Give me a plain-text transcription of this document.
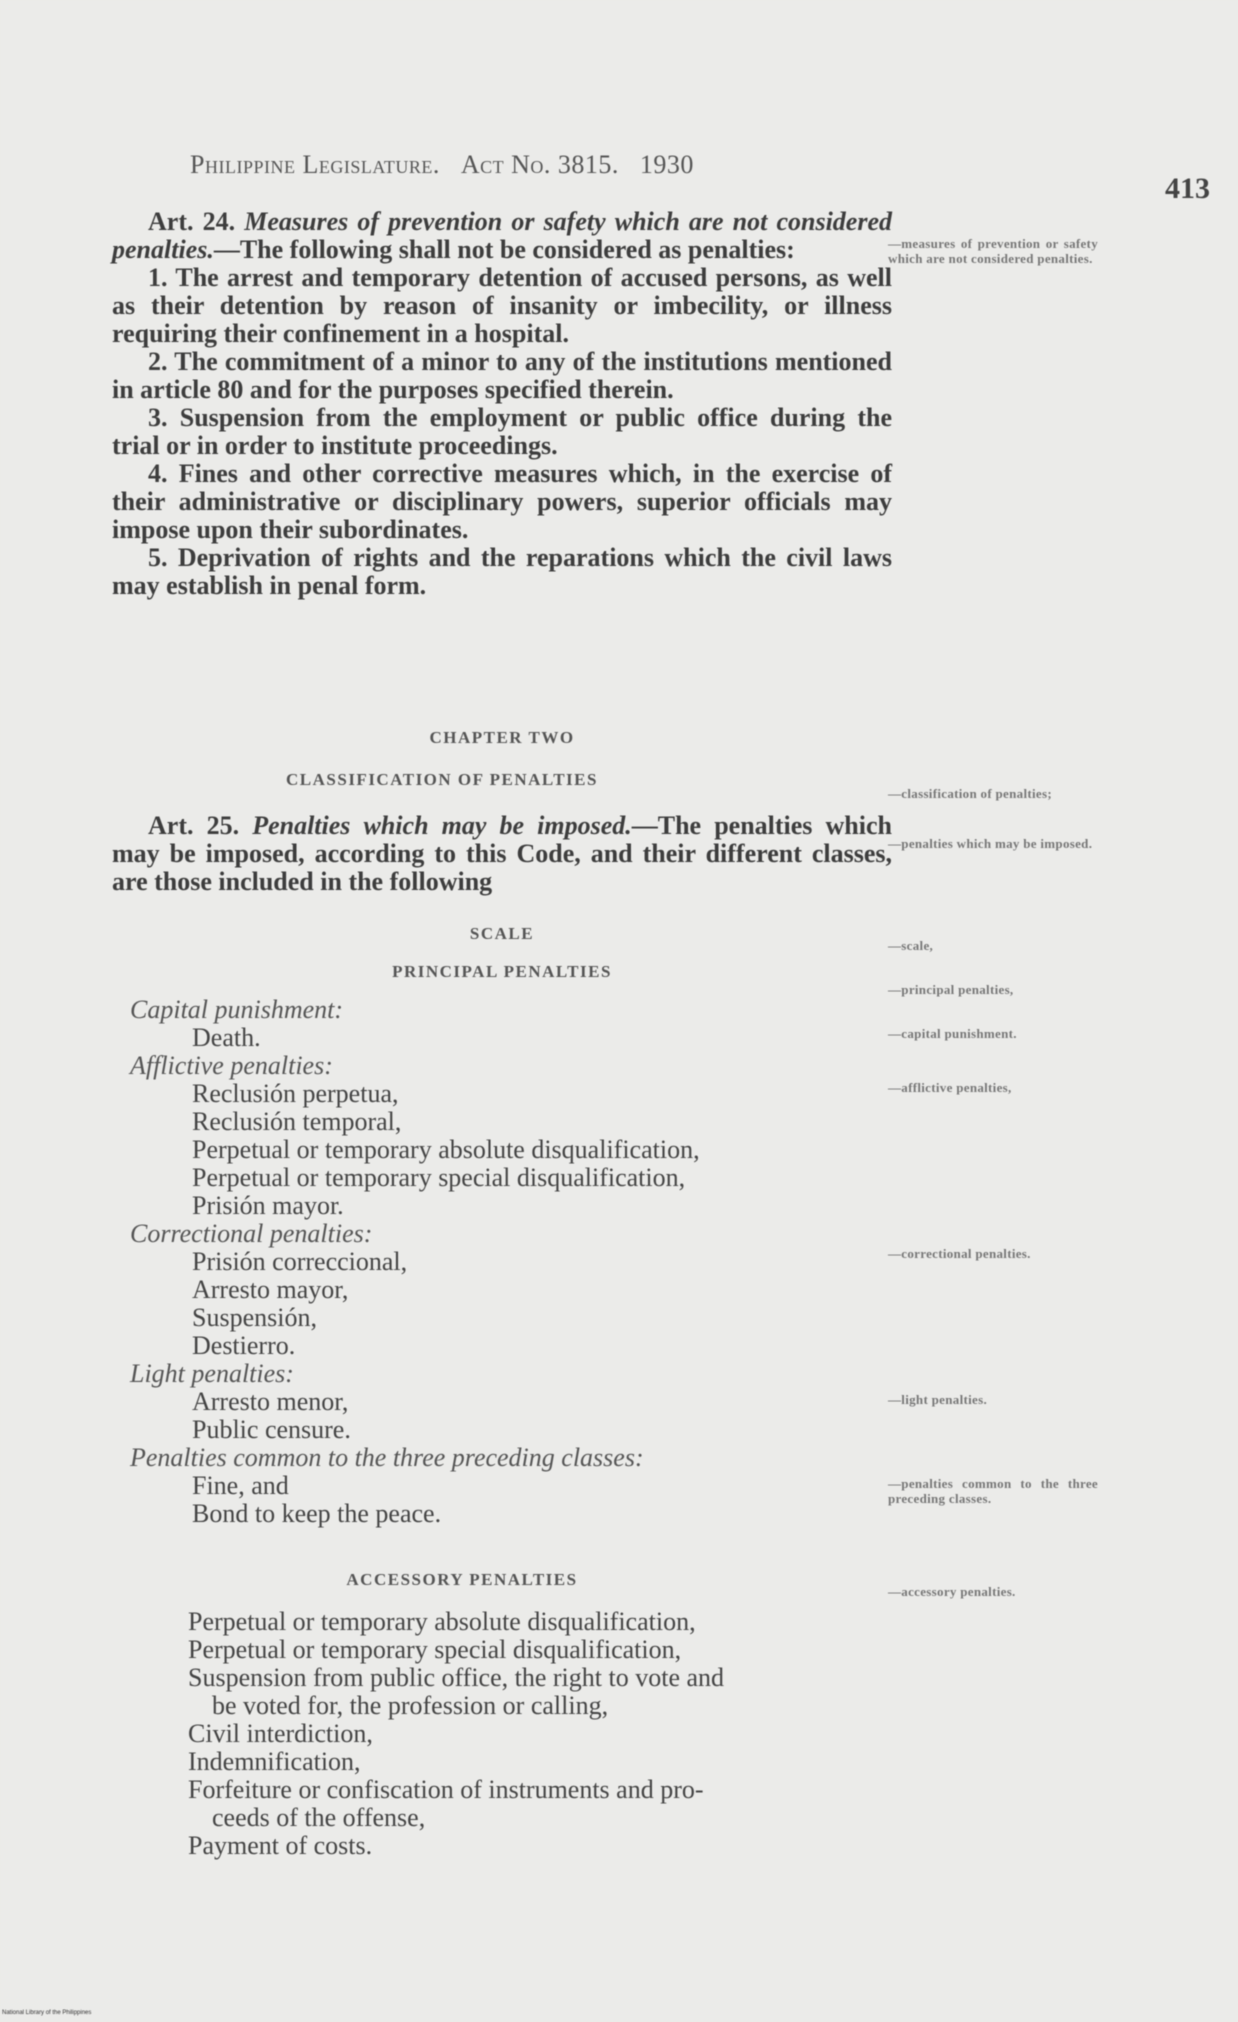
Philippine Legislature. Act No. 3815. 1930
413

Art. 24. Measures of prevention or safety which are not considered penalties.—The following shall not be considered as penalties:

1. The arrest and temporary detention of accused persons, as well as their detention by reason of insanity or imbecility, or illness requiring their confinement in a hospital.

2. The commitment of a minor to any of the institutions mentioned in article 80 and for the purposes specified therein.

3. Suspension from the employment or public office during the trial or in order to institute proceedings.

4. Fines and other corrective measures which, in the exercise of their administrative or disciplinary powers, superior officials may impose upon their subordinates.

5. Deprivation of rights and the reparations which the civil laws may establish in penal form.

CHAPTER TWO
CLASSIFICATION OF PENALTIES

Art. 25. Penalties which may be imposed.—The penalties which may be imposed, according to this Code, and their different classes, are those included in the following

SCALE
PRINCIPAL PENALTIES
Capital punishment:
Death.
Afflictive penalties:
Reclusión perpetua,
Reclusión temporal,
Perpetual or temporary absolute disqualification,
Perpetual or temporary special disqualification,
Prisión mayor.
Correctional penalties:
Prisión correccional,
Arresto mayor,
Suspensión,
Destierro.
Light penalties:
Arresto menor,
Public censure.
Penalties common to the three preceding classes:
Fine, and
Bond to keep the peace.
ACCESSORY PENALTIES
Perpetual or temporary absolute disqualification,
Perpetual or temporary special disqualification,
Suspension from public office, the right to vote and
be voted for, the profession or calling,
Civil interdiction,
Indemnification,
Forfeiture or confiscation of instruments and pro-
ceeds of the offense,
Payment of costs.
—measures of prevention or safety which are not considered penalties.
—classification of penalties;
—penalties which may be imposed.
—scale,
—principal penalties,
—capital punishment.
—afflictive penalties,
—correctional penalties.
—light penalties.
—penalties common to the three preceding classes.
—accessory penalties.
National Library of the Philippines
